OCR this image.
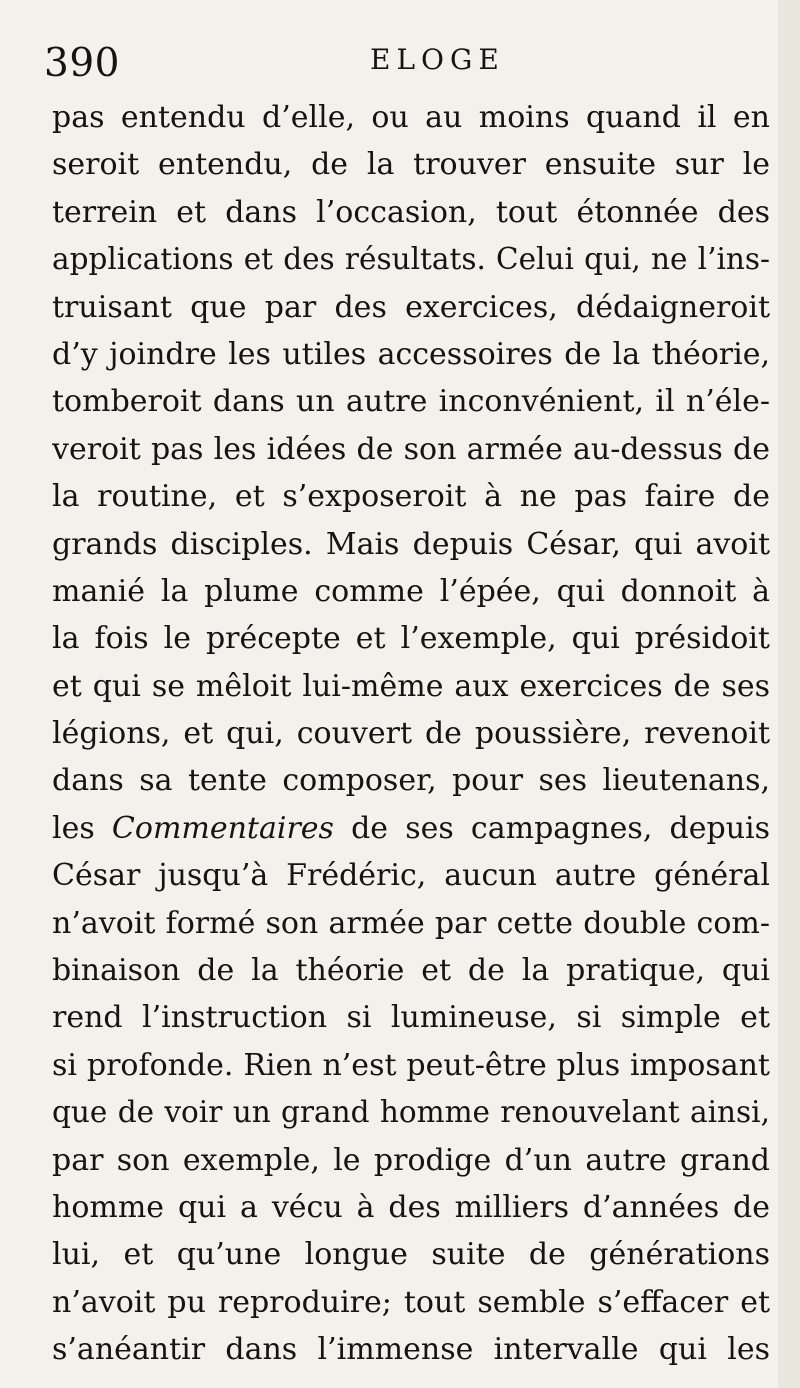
390	ELOGE
pas entendu d’elle, ou au moins quand il en
seroit entendu, de la trouver ensuite sur le
terrein et dans l’occasion, tout étonnée des
applications et des résultats. Celui qui, ne l’ins-
truisant que par des exercices, dédaigneroit
d’y joindre les utiles accessoires de la théorie,
tomberoit dans un autre inconvénient, il n’éle-
veroit pas les idées de son armée au-dessus de
la routine, et s’exposeroit à ne pas faire de
grands disciples. Mais depuis César, qui avoit
manié la plume comme l’épée, qui donnoit à
la fois le précepte et l’exemple, qui présidoit
et qui se mêloit lui-même aux exercices de ses
légions, et qui, couvert de poussière, revenoit
dans sa tente composer, pour ses lieutenans,
les Commentaires de ses campagnes, depuis
César jusqu’à Frédéric, aucun autre général
n’avoit formé son armée par cette double com-
binaison de la théorie et de la pratique, qui
rend l’instruction si lumineuse, si simple et
si profonde. Rien n’est peut-être plus imposant
que de voir un grand homme renouvelant ainsi,
par son exemple, le prodige d’un autre grand
homme qui a vécu à des milliers d’années de
lui, et qu’une longue suite de générations
n’avoit pu reproduire; tout semble s’effacer et
s’anéantir dans l’immense intervalle qui les
